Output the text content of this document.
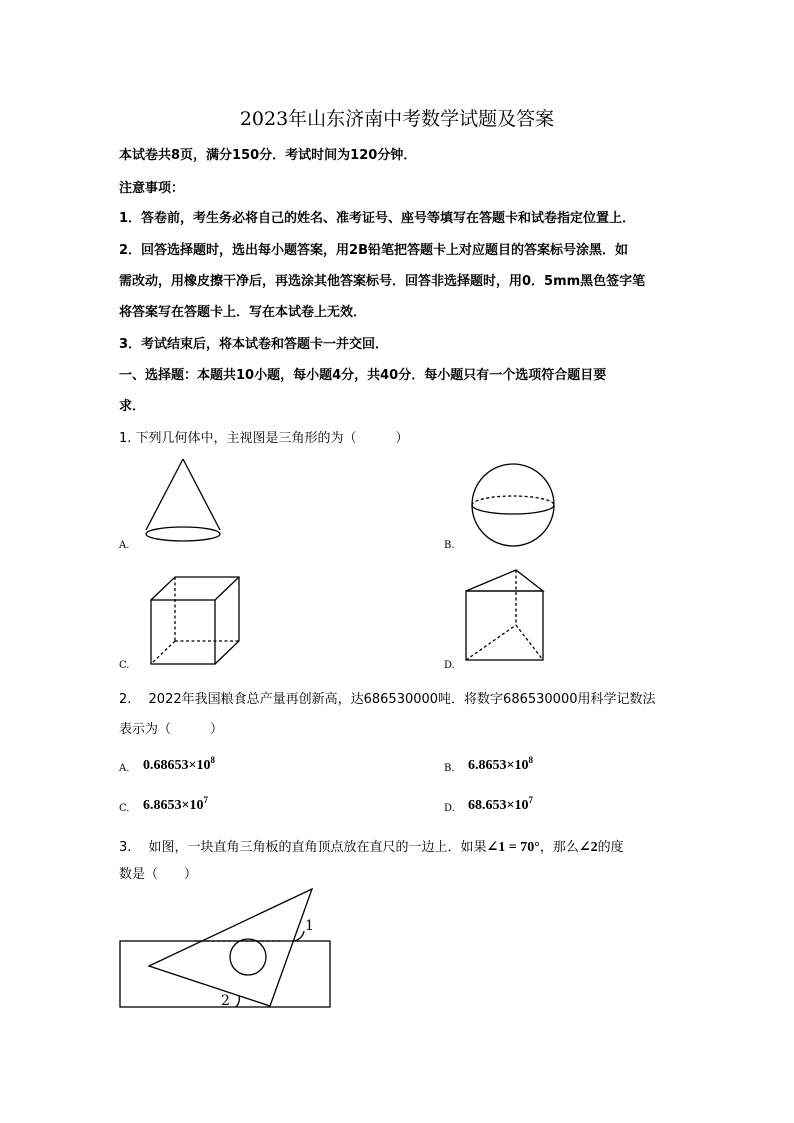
2023年山东济南中考数学试题及答案
本试卷共8页，满分150分．考试时间为120分钟．
注意事项：
1．答卷前，考生务必将自己的姓名、准考证号、座号等填写在答题卡和试卷指定位置上．
2．回答选择题时，选出每小题答案，用2B铅笔把答题卡上对应题目的答案标号涂黑．如
需改动，用橡皮擦干净后，再选涂其他答案标号．回答非选择题时，用0．5mm黑色签字笔
将答案写在答题卡上．写在本试卷上无效．
3．考试结束后，将本试卷和答题卡一并交回．
一、选择题：本题共10小题，每小题4分，共40分．每小题只有一个选项符合题目要
求．
1. 下列几何体中，主视图是三角形的为（　　　）
A.	B.
C.	D.
2.　 2022年我国粮食总产量再创新高，达686530000吨．将数字686530000用科学记数法
表示为（　　　）
A. $0.68653\times 10^8$
B. $6.8653\times 10^8$
C. $6.8653\times 10^7$
D. $68.653\times 10^7$
3.　 如图，一块直角三角板的直角顶点放在直尺的一边上．如果∠1 = 70°，那么∠2的度
数是（　　）
1
2
